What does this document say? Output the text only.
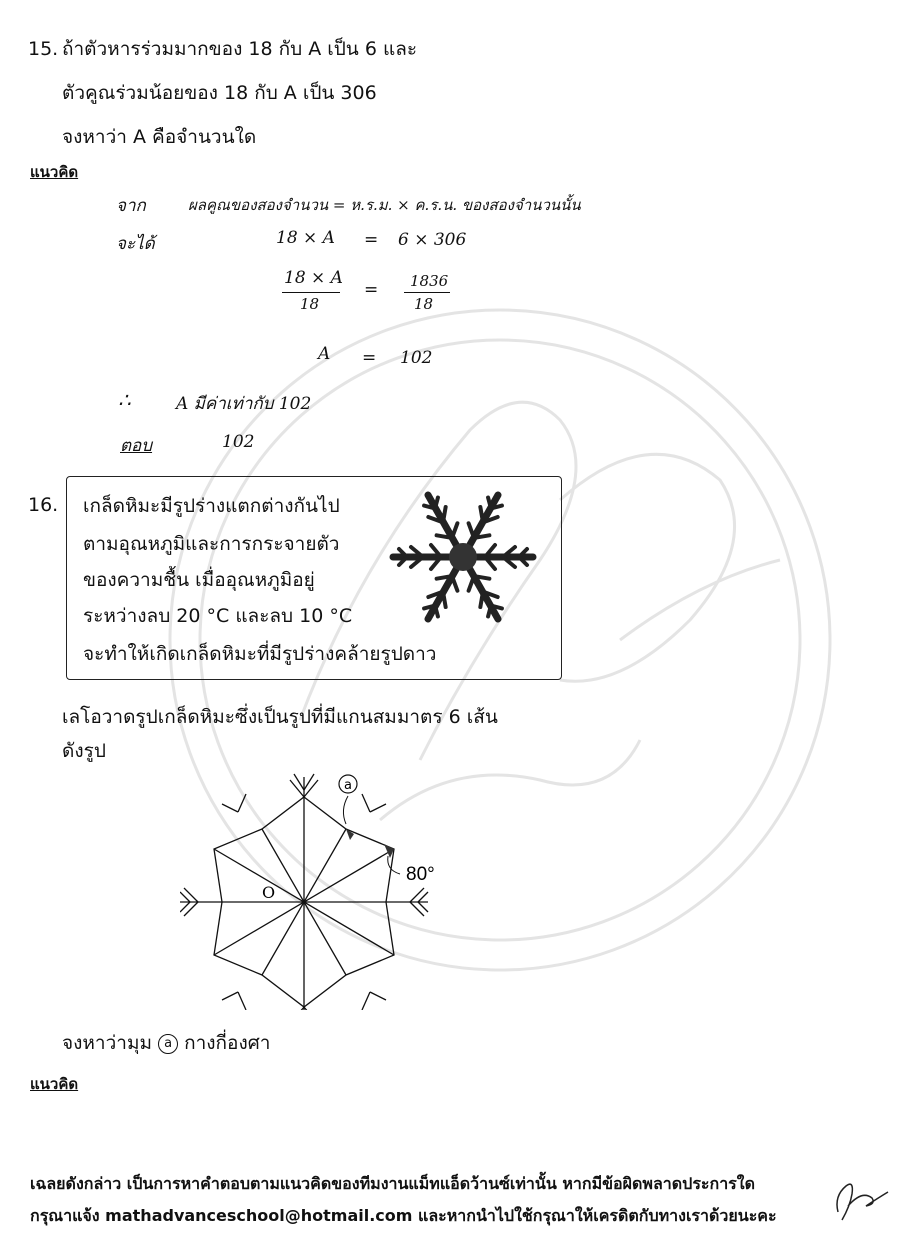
15. ถ้าตัวหารร่วมมากของ 18 กับ A เป็น 6 และ
ตัวคูณร่วมน้อยของ 18 กับ A เป็น 306
จงหาว่า A คือจำนวนใด
แนวคิด
จาก	ผลคูณของสองจำนวน = ห.ร.ม. × ค.ร.น. ของสองจำนวนนั้น
จะได้	18 × A = 6 × 306
18 × A
18
= 1836
18
A = 102
∴	A มีค่าเท่ากับ 102
ตอบ	102
16. เกล็ดหิมะมีรูปร่างแตกต่างกันไป
ตามอุณหภูมิและการกระจายตัว
ของความชื้น เมื่ออุณหภูมิอยู่
ระหว่างลบ 20 °C และลบ 10 °C
จะทำให้เกิดเกล็ดหิมะที่มีรูปร่างคล้ายรูปดาว
เลโอวาดรูปเกล็ดหิมะซึ่งเป็นรูปที่มีแกนสมมาตร 6 เส้น
ดังรูป
a
O
80°
จงหาว่ามุม a กางกี่องศา
แนวคิด
เฉลยดังกล่าว เป็นการหาคำตอบตามแนวคิดของทีมงานแม็ทแอ็ดว้านซ์เท่านั้น หากมีข้อผิดพลาดประการใด
กรุณาแจ้ง mathadvanceschool@hotmail.com และหากนำไปใช้กรุณาให้เครดิตกับทางเราด้วยนะคะ
